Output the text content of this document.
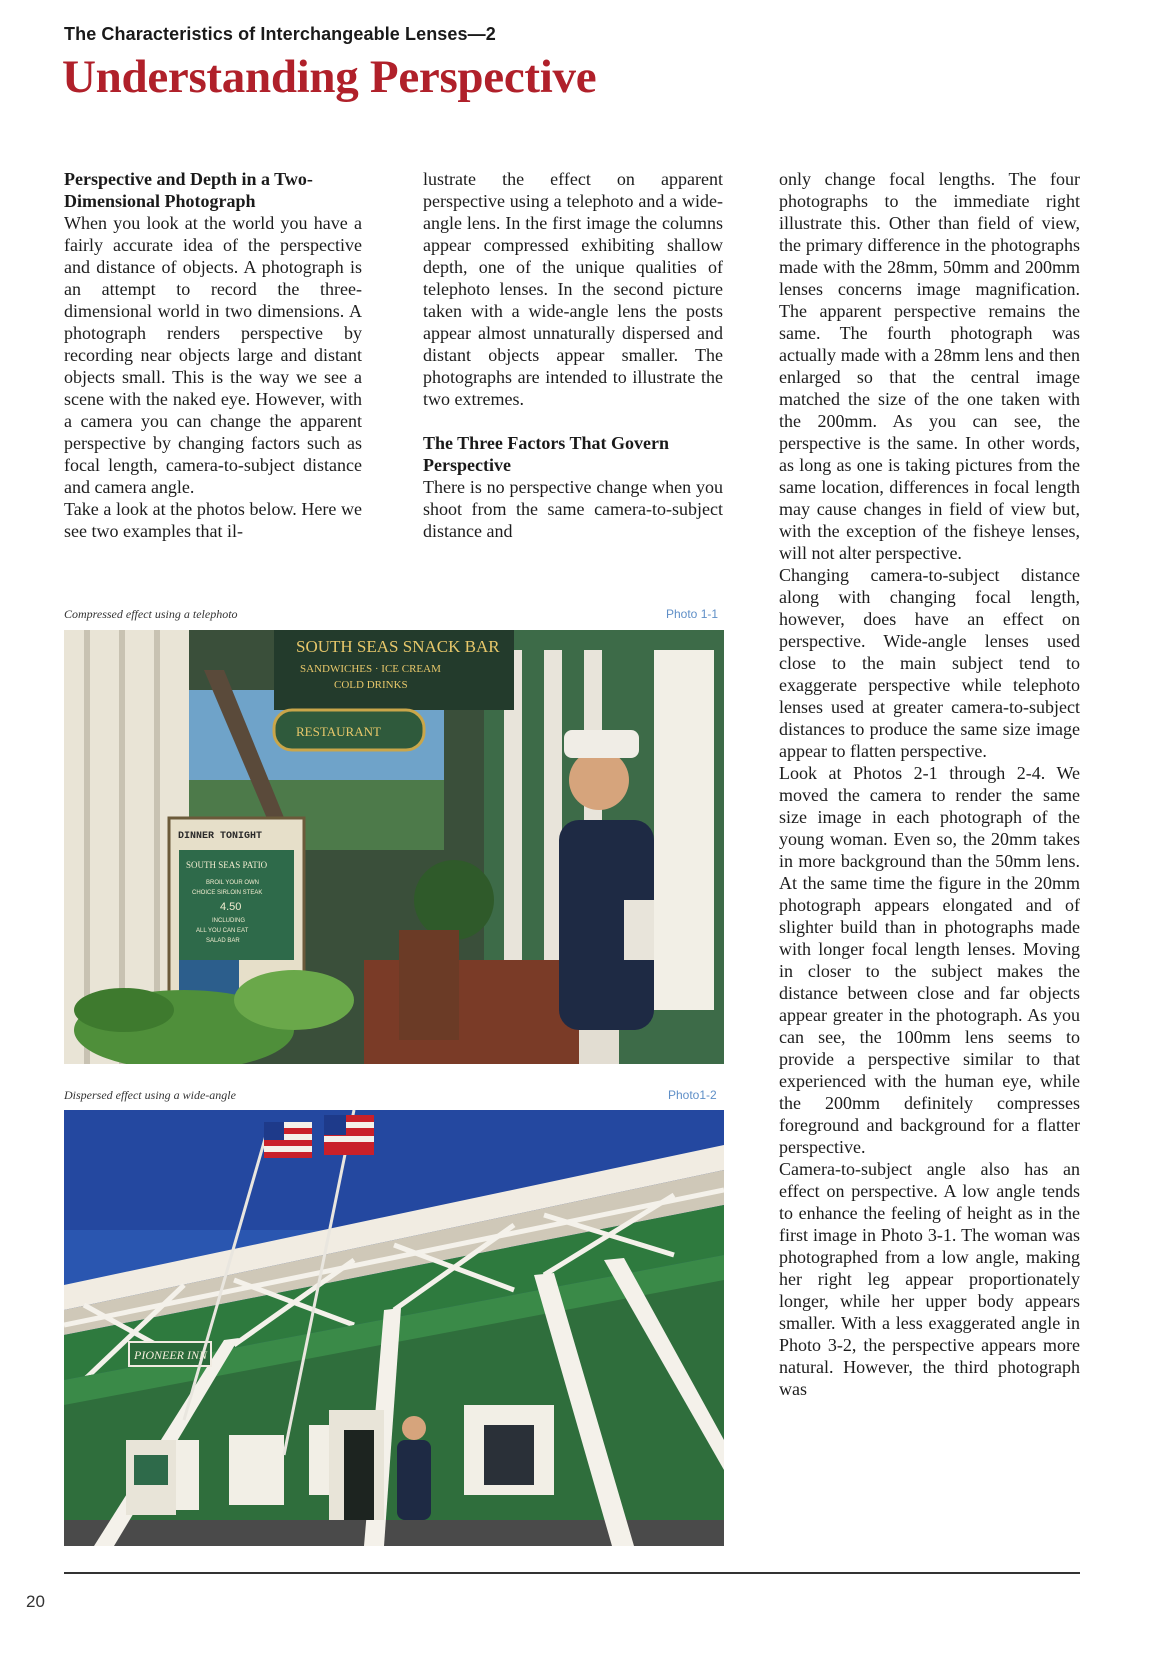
The Characteristics of Interchangeable Lenses—2
Understanding Perspective
Perspective and Depth in a Two-Dimensional Photograph

When you look at the world you have a fairly accurate idea of the perspective and distance of objects. A photograph is an attempt to record the three-dimensional world in two dimensions. A photograph renders perspective by recording near objects large and distant objects small. This is the way we see a scene with the naked eye. However, with a camera you can change the apparent perspective by changing factors such as focal length, camera-to-subject distance and camera angle.

Take a look at the photos below. Here we see two examples that il-

lustrate the effect on apparent perspective using a telephoto and a wide-angle lens. In the first image the columns appear compressed exhibiting shallow depth, one of the unique qualities of telephoto lenses. In the second picture taken with a wide-angle lens the posts appear almost unnaturally dispersed and distant objects appear smaller. The photographs are intended to illustrate the two extremes.

The Three Factors That Govern Perspective

There is no perspective change when you shoot from the same camera-to-subject distance and

only change focal lengths. The four photographs to the immediate right illustrate this. Other than field of view, the primary difference in the photographs made with the 28mm, 50mm and 200mm lenses concerns image magnification. The apparent perspective remains the same. The fourth photograph was actually made with a 28mm lens and then enlarged so that the central image matched the size of the one taken with the 200mm. As you can see, the perspective is the same. In other words, as long as one is taking pictures from the same location, differences in focal length may cause changes in field of view but, with the exception of the fisheye lenses, will not alter perspective.

Changing camera-to-subject distance along with changing focal length, however, does have an effect on perspective. Wide-angle lenses used close to the main subject tend to exaggerate perspective while telephoto lenses used at greater camera-to-subject distances to produce the same size image appear to flatten perspective.

Look at Photos 2-1 through 2-4. We moved the camera to render the same size image in each photograph of the young woman. Even so, the 20mm takes in more background than the 50mm lens. At the same time the figure in the 20mm photograph appears elongated and of slighter build than in photographs made with longer focal length lenses. Moving in closer to the subject makes the distance between close and far objects appear greater in the photograph. As you can see, the 100mm lens seems to provide a perspective similar to that experienced with the human eye, while the 200mm definitely compresses foreground and background for a flatter perspective.

Camera-to-subject angle also has an effect on perspective. A low angle tends to enhance the feeling of height as in the first image in Photo 3-1. The woman was photographed from a low angle, making her right leg appear proportionately longer, while her upper body appears smaller. With a less exaggerated angle in Photo 3-2, the perspective appears more natural. However, the third photograph was

Compressed effect using a telephoto	Photo 1-1
SOUTH SEAS SNACK BAR
SANDWICHES · ICE CREAM
COLD DRINKS
RESTAURANT
DINNER TONIGHT
SOUTH SEAS PATIO
BROIL YOUR OWN
CHOICE SIRLOIN STEAK
4.50
INCLUDING
ALL YOU CAN EAT
SALAD BAR
Dispersed effect using a wide-angle	Photo1-2
PIONEER INN
20
